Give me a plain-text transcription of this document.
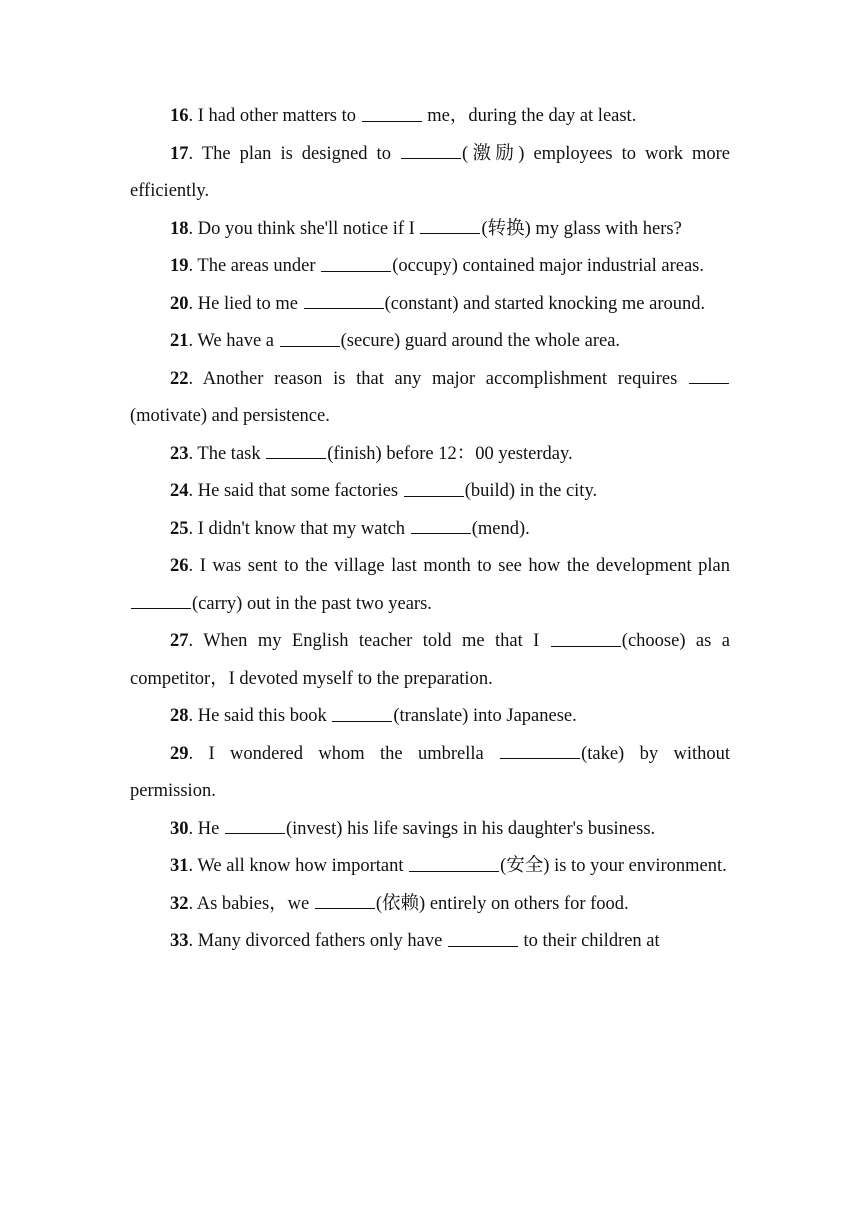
16. I had other matters to	me，during the day at least.
17. The plan is designed to	(激励) employees to work more efficiently.
18. Do you think she'll notice if I	(转换) my glass with hers?
19. The areas under	(occupy) contained major industrial areas.
20. He lied to me	(constant) and started knocking me around.
21. We have a	(secure) guard around the whole area.
22. Another reason is that any major accomplishment requires (motivate) and persistence.
23. The task	(finish) before 12：00 yesterday.
24. He said that some factories	(build) in the city.
25. I didn't know that my watch	(mend).
26. I was sent to the village last month to see how the development plan (carry) out in the past two years.
27. When my English teacher told me that I	(choose) as a competitor，I devoted myself to the preparation.
28. He said this book	(translate) into Japanese.
29. I wondered whom the umbrella	(take) by without permission.
30. He	(invest) his life savings in his daughter's business.
31. We all know how important	(安全) is to your environment.
32. As babies，we	(依赖) entirely on others for food.
33. Many divorced fathers only have	to their children at
